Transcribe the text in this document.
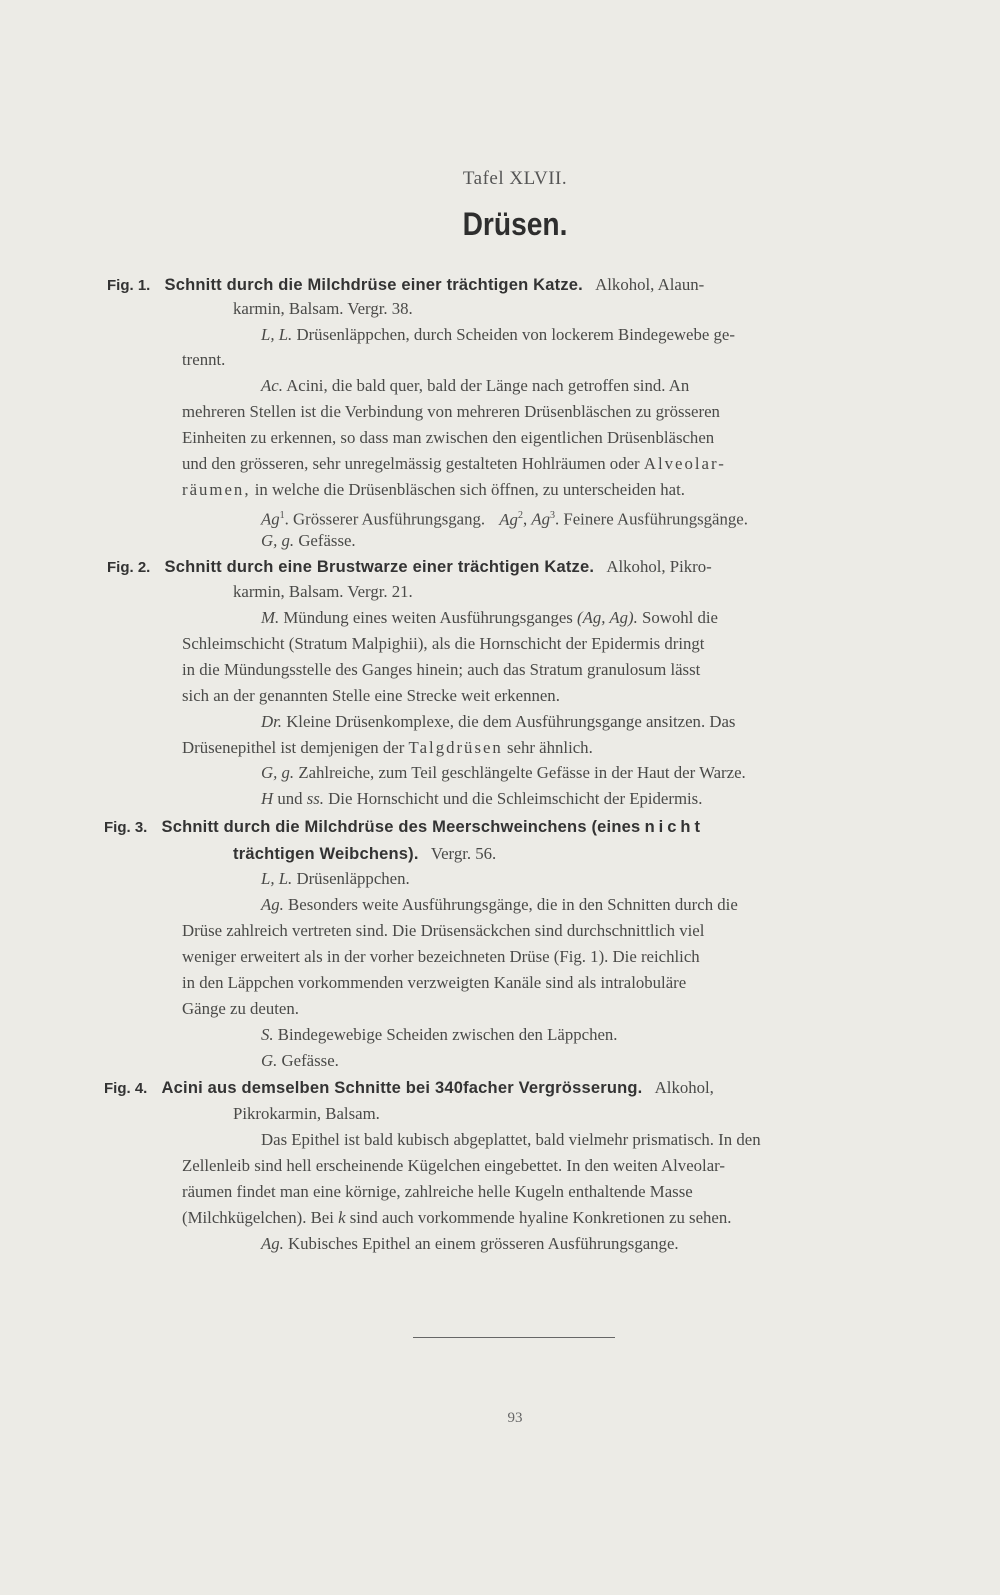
Tafel XLVII.
Drüsen.
Fig. 1. Schnitt durch die Milchdrüse einer trächtigen Katze. Alkohol, Alaun-
karmin, Balsam. Vergr. 38.
L, L. Drüsenläppchen, durch Scheiden von lockerem Bindegewebe ge-
trennt.
Ac. Acini, die bald quer, bald der Länge nach getroffen sind. An
mehreren Stellen ist die Verbindung von mehreren Drüsenbläschen zu grösseren
Einheiten zu erkennen, so dass man zwischen den eigentlichen Drüsenbläschen
und den grösseren, sehr unregelmässig gestalteten Hohlräumen oder Alveolar-
räumen, in welche die Drüsenbläschen sich öffnen, zu unterscheiden hat.
Ag$^1$. Grösserer Ausführungsgang. Ag$^2$, Ag$^3$. Feinere Ausführungsgänge.
G, g. Gefässe.
Fig. 2. Schnitt durch eine Brustwarze einer trächtigen Katze. Alkohol, Pikro-
karmin, Balsam. Vergr. 21.
M. Mündung eines weiten Ausführungsganges (Ag, Ag). Sowohl die
Schleimschicht (Stratum Malpighii), als die Hornschicht der Epidermis dringt
in die Mündungsstelle des Ganges hinein; auch das Stratum granulosum lässt
sich an der genannten Stelle eine Strecke weit erkennen.
Dr. Kleine Drüsenkomplexe, die dem Ausführungsgange ansitzen. Das
Drüsenepithel ist demjenigen der Talgdrüsen sehr ähnlich.
G, g. Zahlreiche, zum Teil geschlängelte Gefässe in der Haut der Warze.
H und ss. Die Hornschicht und die Schleimschicht der Epidermis.
Fig. 3. Schnitt durch die Milchdrüse des Meerschweinchens (eines nicht
trächtigen Weibchens). Vergr. 56.
L, L. Drüsenläppchen.
Ag. Besonders weite Ausführungsgänge, die in den Schnitten durch die
Drüse zahlreich vertreten sind. Die Drüsensäckchen sind durchschnittlich viel
weniger erweitert als in der vorher bezeichneten Drüse (Fig. 1). Die reichlich
in den Läppchen vorkommenden verzweigten Kanäle sind als intralobuläre
Gänge zu deuten.
S. Bindegewebige Scheiden zwischen den Läppchen.
G. Gefässe.
Fig. 4. Acini aus demselben Schnitte bei 340facher Vergrösserung. Alkohol,
Pikrokarmin, Balsam.
Das Epithel ist bald kubisch abgeplattet, bald vielmehr prismatisch. In den
Zellenleib sind hell erscheinende Kügelchen eingebettet. In den weiten Alveolar-
räumen findet man eine körnige, zahlreiche helle Kugeln enthaltende Masse
(Milchkügelchen). Bei k sind auch vorkommende hyaline Konkretionen zu sehen.
Ag. Kubisches Epithel an einem grösseren Ausführungsgange.
93
